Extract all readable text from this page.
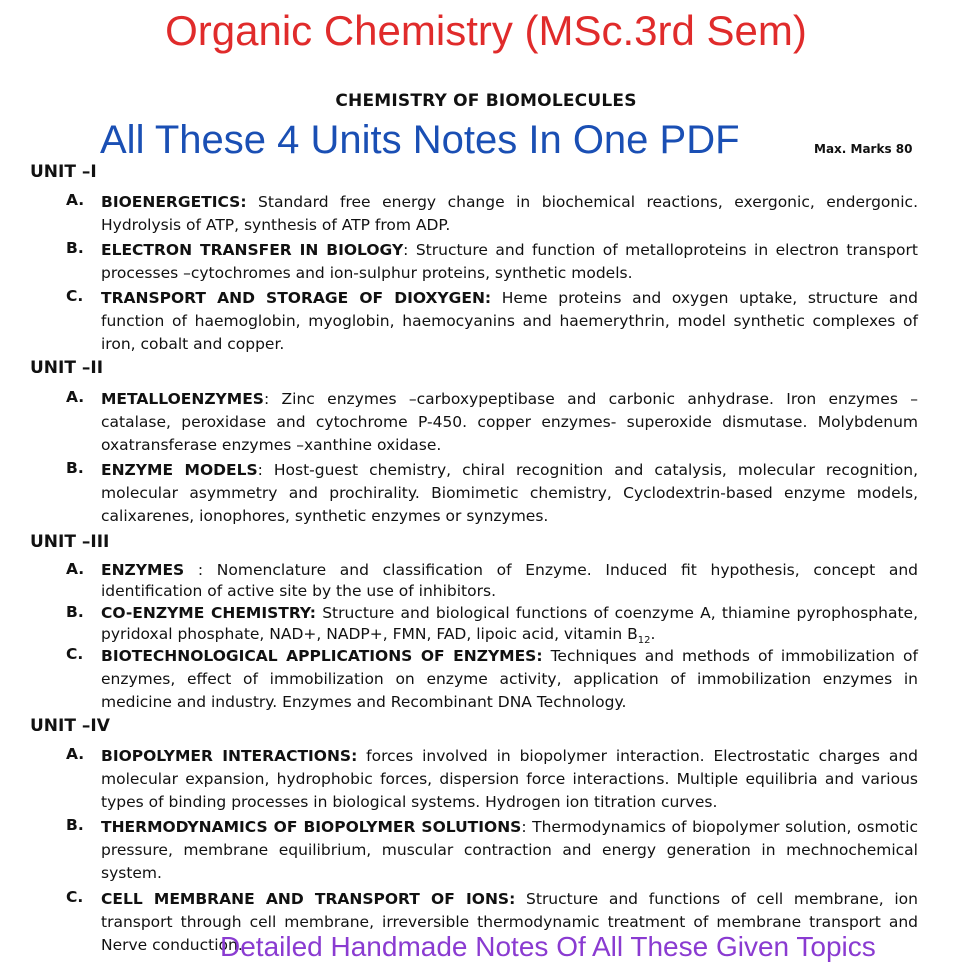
Organic Chemistry (MSc.3rd Sem)
CHEMISTRY OF BIOMOLECULES
All These 4 Units Notes In One PDF	Max. Marks 80
UNIT –I
A. BIOENERGETICS: Standard free energy change in biochemical reactions, exergonic, endergonic. Hydrolysis of ATP, synthesis of ATP from ADP.
B. ELECTRON TRANSFER IN BIOLOGY: Structure and function of metalloproteins in electron transport processes –cytochromes and ion-sulphur proteins, synthetic models.
C. TRANSPORT AND STORAGE OF DIOXYGEN: Heme proteins and oxygen uptake, structure and function of haemoglobin, myoglobin, haemocyanins and haemerythrin, model synthetic complexes of iron, cobalt and copper.
UNIT –II
A. METALLOENZYMES: Zinc enzymes –carboxypeptibase and carbonic anhydrase. Iron enzymes – catalase, peroxidase and cytochrome P-450. copper enzymes- superoxide dismutase. Molybdenum oxatransferase enzymes –xanthine oxidase.
B. ENZYME MODELS: Host-guest chemistry, chiral recognition and catalysis, molecular recognition, molecular asymmetry and prochirality. Biomimetic chemistry, Cyclodextrin-based enzyme models, calixarenes, ionophores, synthetic enzymes or synzymes.
UNIT –III
A. ENZYMES : Nomenclature and classification of Enzyme. Induced fit hypothesis, concept and identification of active site by the use of inhibitors.
B. CO-ENZYME CHEMISTRY: Structure and biological functions of coenzyme A, thiamine pyrophosphate, pyridoxal phosphate, NAD+, NADP+, FMN, FAD, lipoic acid, vitamin $B_{12}$.
C. BIOTECHNOLOGICAL APPLICATIONS OF ENZYMES: Techniques and methods of immobilization of enzymes, effect of immobilization on enzyme activity, application of immobilization enzymes in medicine and industry. Enzymes and Recombinant DNA Technology.
UNIT –IV
A. BIOPOLYMER INTERACTIONS: forces involved in biopolymer interaction. Electrostatic charges and molecular expansion, hydrophobic forces, dispersion force interactions. Multiple equilibria and various types of binding processes in biological systems. Hydrogen ion titration curves.
B. THERMODYNAMICS OF BIOPOLYMER SOLUTIONS: Thermodynamics of biopolymer solution, osmotic pressure, membrane equilibrium, muscular contraction and energy generation in mechnochemical system.
C. CELL MEMBRANE AND TRANSPORT OF IONS: Structure and functions of cell membrane, ion transport through cell membrane, irreversible thermodynamic treatment of membrane transport and Nerve conduction.
Detailed Handmade Notes Of All These Given Topics
